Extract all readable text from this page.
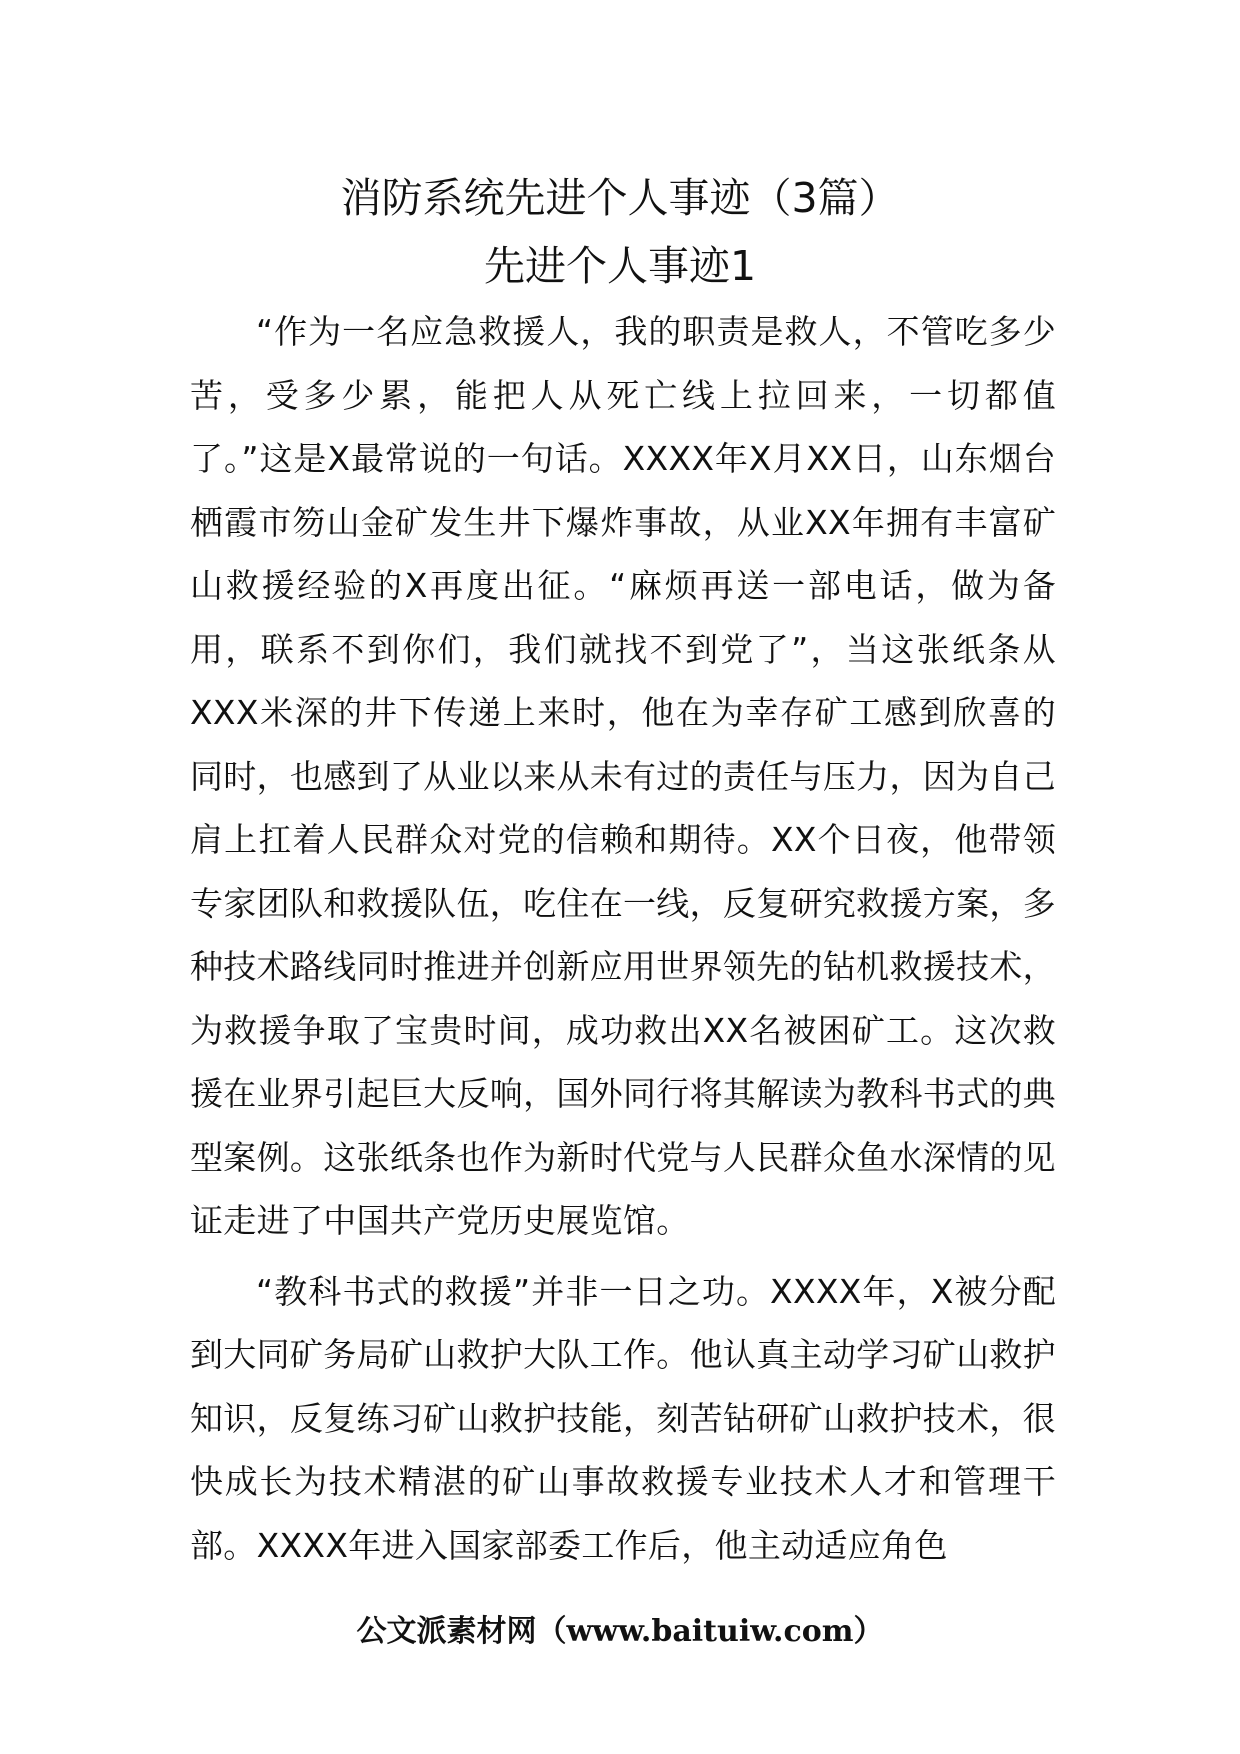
消防系统先进个人事迹（3篇）
先进个人事迹1

“作为一名应急救援人，我的职责是救人，不管吃多少苦，受多少累，能把人从死亡线上拉回来，一切都值了。”这是X最常说的一句话。XXXX年X月XX日，山东烟台栖霞市笏山金矿发生井下爆炸事故，从业XX年拥有丰富矿山救援经验的X再度出征。“麻烦再送一部电话，做为备用，联系不到你们，我们就找不到党了”，当这张纸条从XXX米深的井下传递上来时，他在为幸存矿工感到欣喜的同时，也感到了从业以来从未有过的责任与压力，因为自己肩上扛着人民群众对党的信赖和期待。XX个日夜，他带领专家团队和救援队伍，吃住在一线，反复研究救援方案，多种技术路线同时推进并创新应用世界领先的钻机救援技术，为救援争取了宝贵时间，成功救出XX名被困矿工。这次救援在业界引起巨大反响，国外同行将其解读为教科书式的典型案例。这张纸条也作为新时代党与人民群众鱼水深情的见证走进了中国共产党历史展览馆。

“教科书式的救援”并非一日之功。XXXX年，X被分配到大同矿务局矿山救护大队工作。他认真主动学习矿山救护知识，反复练习矿山救护技能，刻苦钻研矿山救护技术，很快成长为技术精湛的矿山事故救援专业技术人才和管理干部。XXXX年进入国家部委工作后，他主动适应角色

公文派素材网（www.baituiw.com）
